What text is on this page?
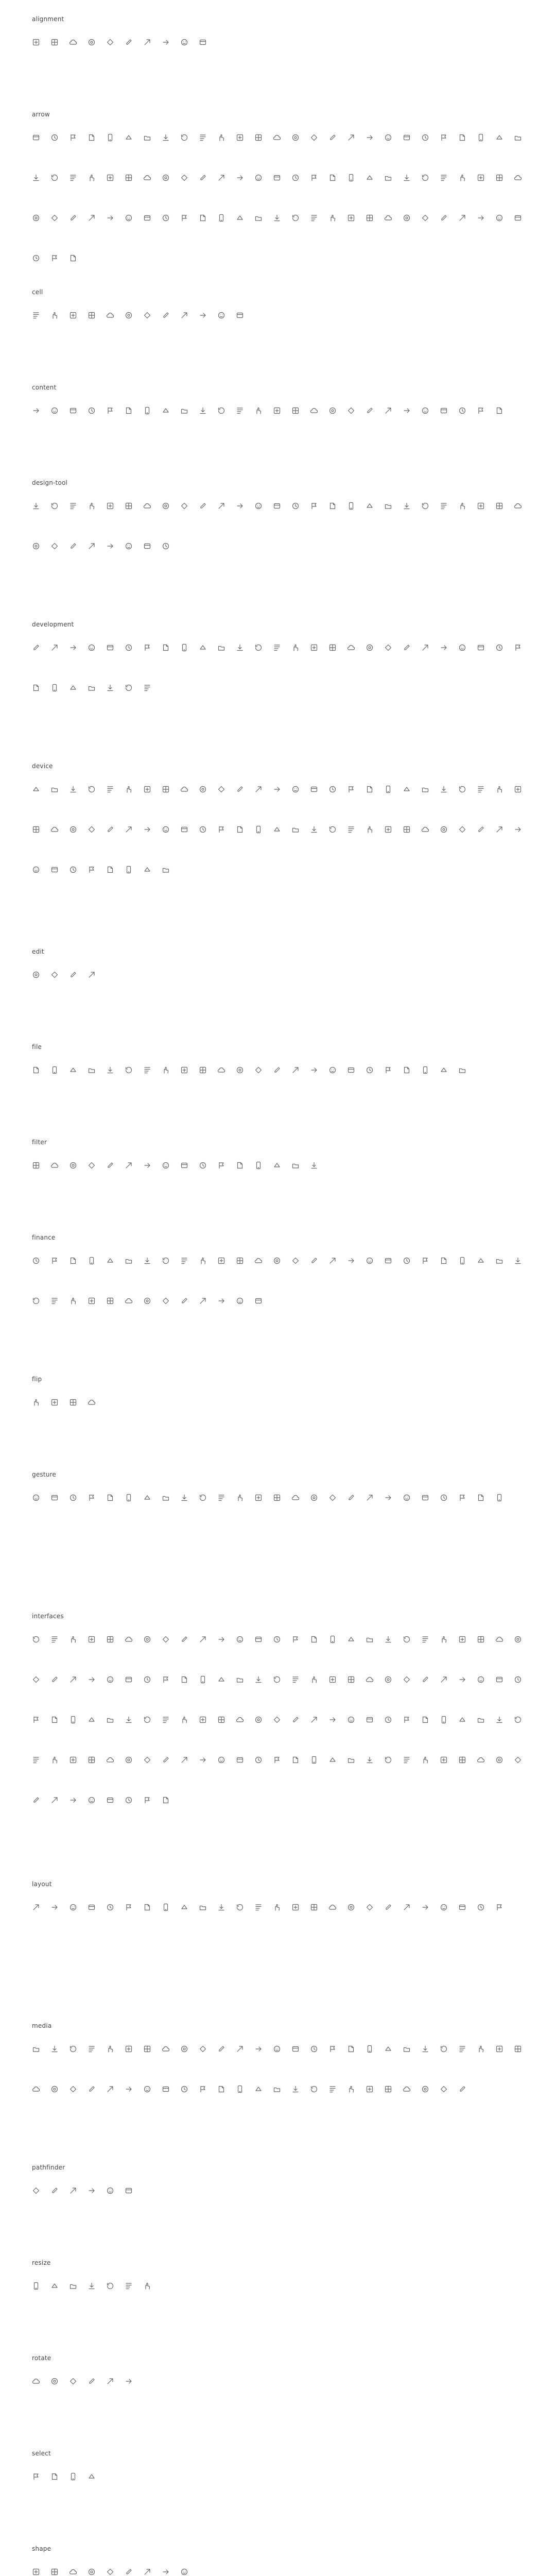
alignment
arrow
cell
content
design-tool
development
device
edit
file
filter
finance
flip
gesture
interfaces
layout
media
pathfinder
resize
rotate
select
shape
